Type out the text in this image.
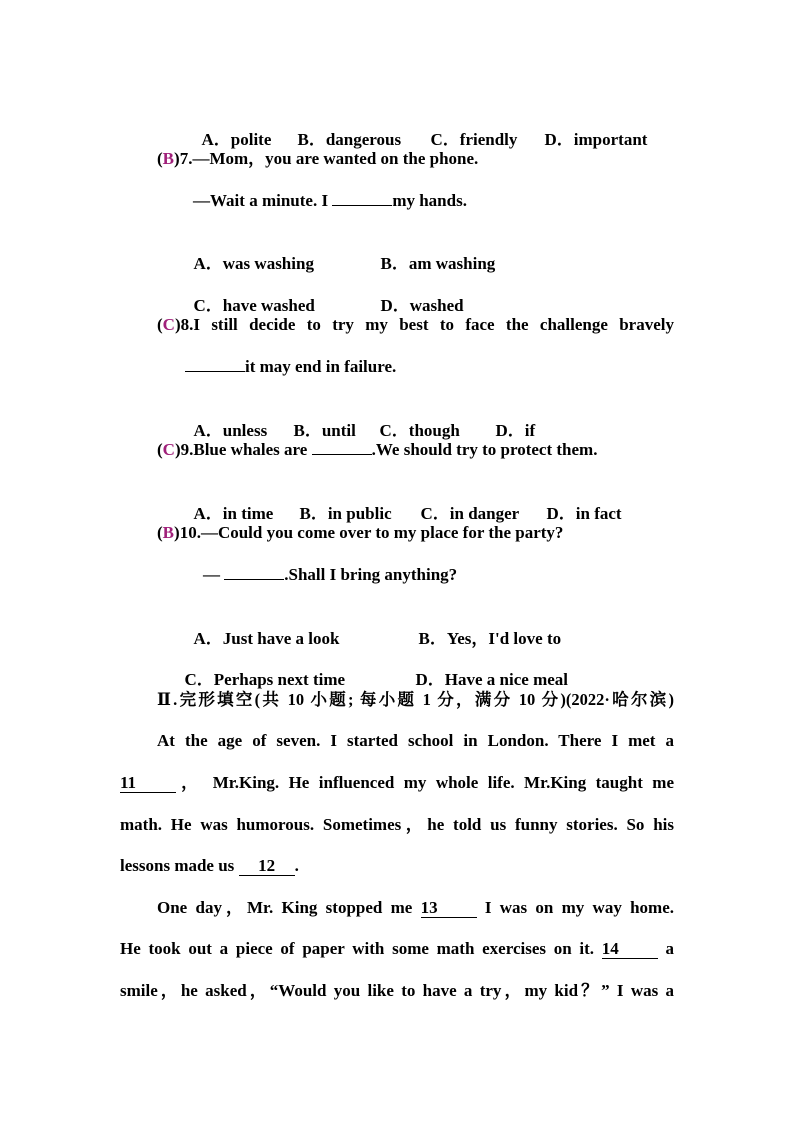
A．polite B．dangerous C．friendly D．important

(B)7.—Mom，you are wanted on the phone.
—Wait a minute. I	my hands.

A．was washing	B．am washing

C．have washed	D．washed

(C)8.I still decide to try my best to face the challenge bravely
it may end in failure.

A．unless B．until C．though D．if

(C)9.Blue whales are	.We should try to protect them.

A．in time B．in public C．in danger D．in fact

(B)10.—Could you come over to my place for the party?
—	.Shall I bring anything?

A．Just have a look	B．Yes，I'd love to

C．Perhaps next time	D．Have a nice meal

Ⅱ.完形填空(共 10 小题; 每小题 1 分，满分 10 分)(2022·哈尔滨)
At the age of seven. I started school in London. There I met a
11 ， Mr.King. He influenced my whole life. Mr.King taught me
math. He was humorous. Sometimes，he told us funny stories. So his
lessons made us 12 .
One day，Mr. King stopped me 13 I was on my way home.
He took out a piece of paper with some math exercises on it. 14 a
smile，he asked，“Would you like to have a try，my kid？” I was a
